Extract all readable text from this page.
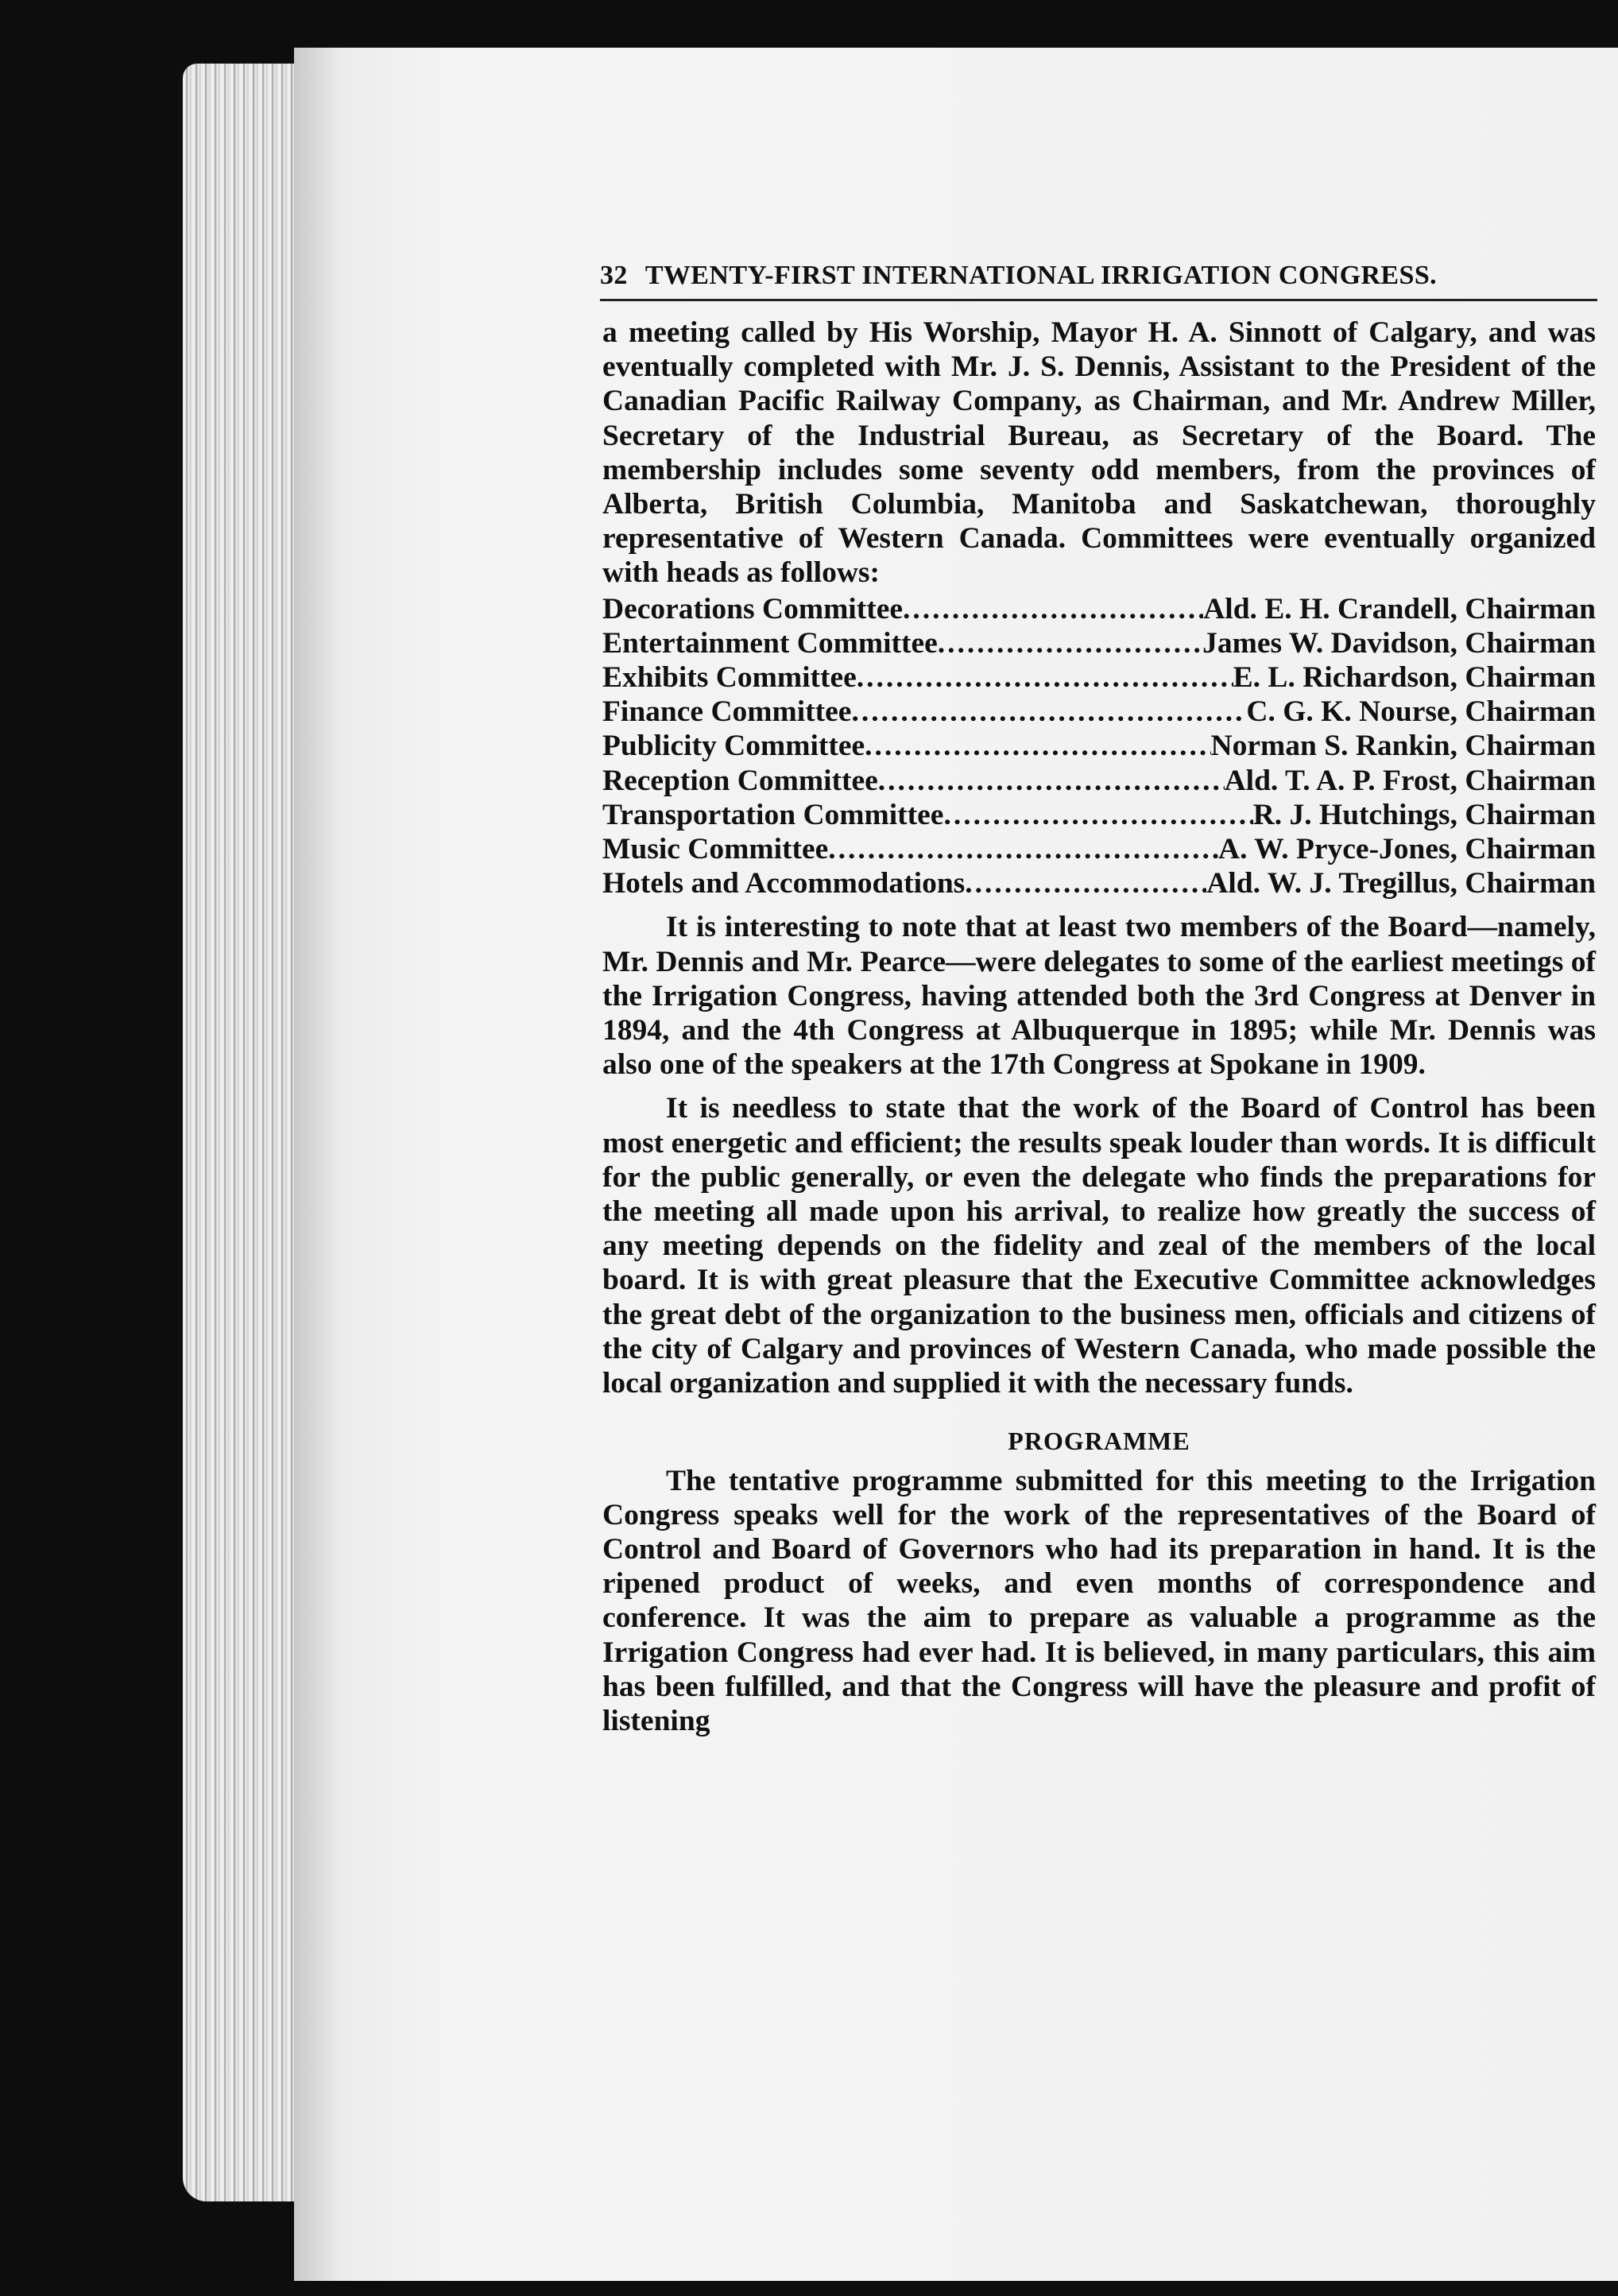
32 TWENTY-FIRST INTERNATIONAL IRRIGATION CONGRESS.

a meeting called by His Worship, Mayor H. A. Sinnott of Calgary, and was eventually completed with Mr. J. S. Dennis, Assistant to the President of the Canadian Pacific Railway Company, as Chairman, and Mr. Andrew Miller, Secretary of the Industrial Bureau, as Secretary of the Board. The membership includes some seventy odd members, from the provinces of Alberta, British Columbia, Manitoba and Saskatchewan, thoroughly representative of Western Canada. Committees were eventually organized with heads as follows:

Decorations Committee .....	Ald. E. H. Crandell, Chairman
Entertainment Committee .....	James W. Davidson, Chairman
Exhibits Committee .....	E. L. Richardson, Chairman
Finance Committee .....	C. G. K. Nourse, Chairman
Publicity Committee .....	Norman S. Rankin, Chairman
Reception Committee .....	Ald. T. A. P. Frost, Chairman
Transportation Committee .....	R. J. Hutchings, Chairman
Music Committee .....	A. W. Pryce-Jones, Chairman
Hotels and Accommodations .....	Ald. W. J. Tregillus, Chairman

It is interesting to note that at least two members of the Board—namely, Mr. Dennis and Mr. Pearce—were delegates to some of the earliest meetings of the Irrigation Congress, having attended both the 3rd Congress at Denver in 1894, and the 4th Congress at Albuquerque in 1895; while Mr. Dennis was also one of the speakers at the 17th Congress at Spokane in 1909.

It is needless to state that the work of the Board of Control has been most energetic and efficient; the results speak louder than words. It is difficult for the public generally, or even the delegate who finds the preparations for the meeting all made upon his arrival, to realize how greatly the success of any meeting depends on the fidelity and zeal of the members of the local board. It is with great pleasure that the Executive Committee acknowledges the great debt of the organization to the business men, officials and citizens of the city of Calgary and provinces of Western Canada, who made possible the local organization and supplied it with the necessary funds.

PROGRAMME

The tentative programme submitted for this meeting to the Irrigation Congress speaks well for the work of the representatives of the Board of Control and Board of Governors who had its preparation in hand. It is the ripened product of weeks, and even months of correspondence and conference. It was the aim to prepare as valuable a programme as the Irrigation Congress had ever had. It is believed, in many particulars, this aim has been fulfilled, and that the Congress will have the pleasure and profit of listening
